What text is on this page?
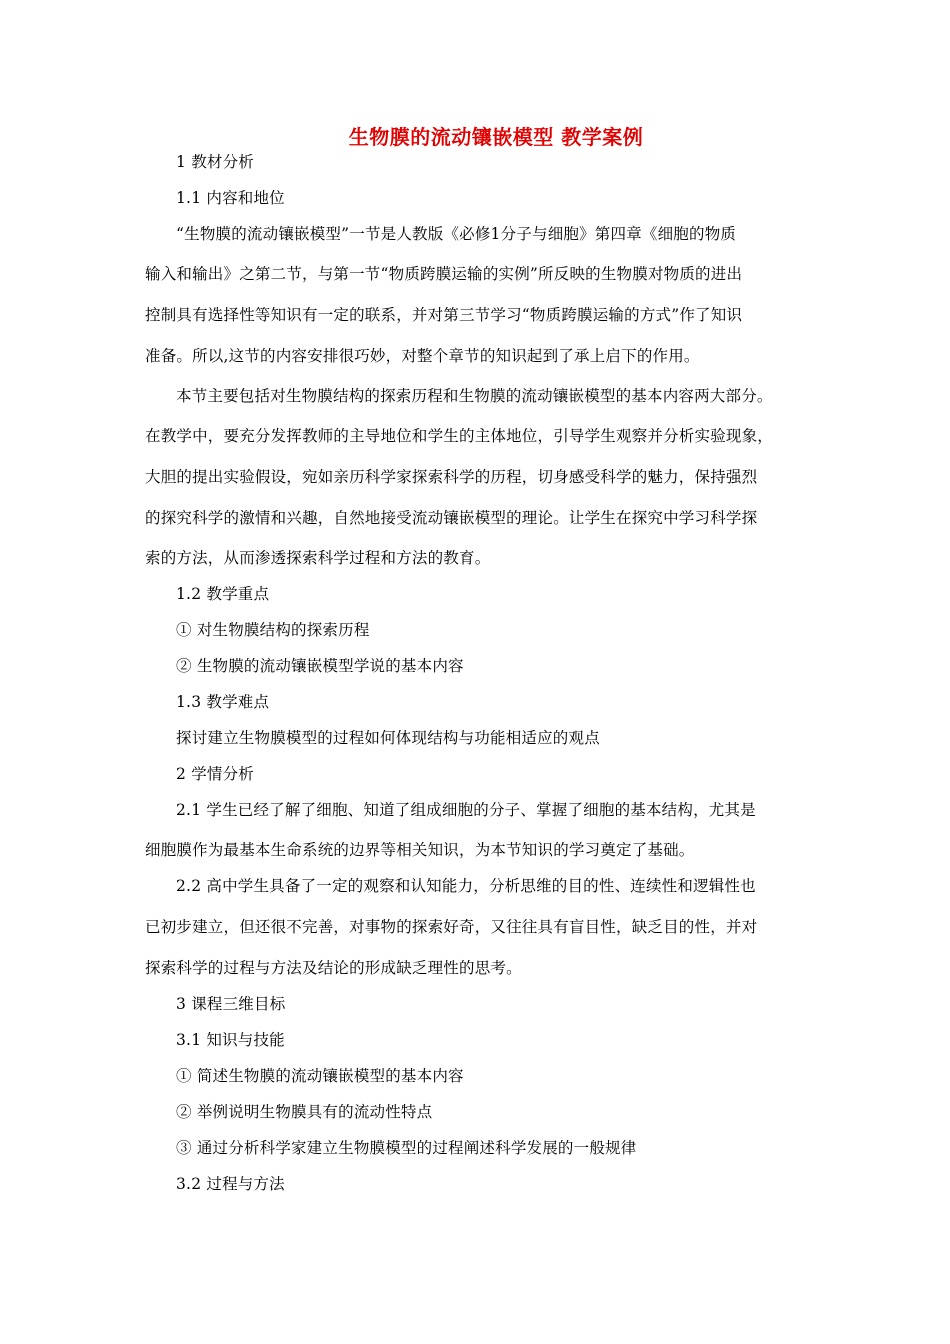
生物膜的流动镶嵌模型 教学案例
1 教材分析
1.1 内容和地位
“生物膜的流动镶嵌模型”一节是人教版《必修1分子与细胞》第四章《细胞的物质
输入和输出》之第二节，与第一节“物质跨膜运输的实例”所反映的生物膜对物质的进出
控制具有选择性等知识有一定的联系，并对第三节学习“物质跨膜运输的方式”作了知识
准备。所以,这节的内容安排很巧妙，对整个章节的知识起到了承上启下的作用。
本节主要包括对生物膜结构的探索历程和生物膜的流动镶嵌模型的基本内容两大部分。
在教学中，要充分发挥教师的主导地位和学生的主体地位，引导学生观察并分析实验现象，
大胆的提出实验假设，宛如亲历科学家探索科学的历程，切身感受科学的魅力，保持强烈
的探究科学的激情和兴趣，自然地接受流动镶嵌模型的理论。让学生在探究中学习科学探
索的方法，从而渗透探索科学过程和方法的教育。
1.2 教学重点
① 对生物膜结构的探索历程
② 生物膜的流动镶嵌模型学说的基本内容
1.3 教学难点
探讨建立生物膜模型的过程如何体现结构与功能相适应的观点
2 学情分析
2.1 学生已经了解了细胞、知道了组成细胞的分子、掌握了细胞的基本结构，尤其是
细胞膜作为最基本生命系统的边界等相关知识，为本节知识的学习奠定了基础。
2.2 高中学生具备了一定的观察和认知能力，分析思维的目的性、连续性和逻辑性也
已初步建立，但还很不完善，对事物的探索好奇，又往往具有盲目性，缺乏目的性，并对
探索科学的过程与方法及结论的形成缺乏理性的思考。
3 课程三维目标
3.1 知识与技能
① 简述生物膜的流动镶嵌模型的基本内容
② 举例说明生物膜具有的流动性特点
③ 通过分析科学家建立生物膜模型的过程阐述科学发展的一般规律
3.2 过程与方法
